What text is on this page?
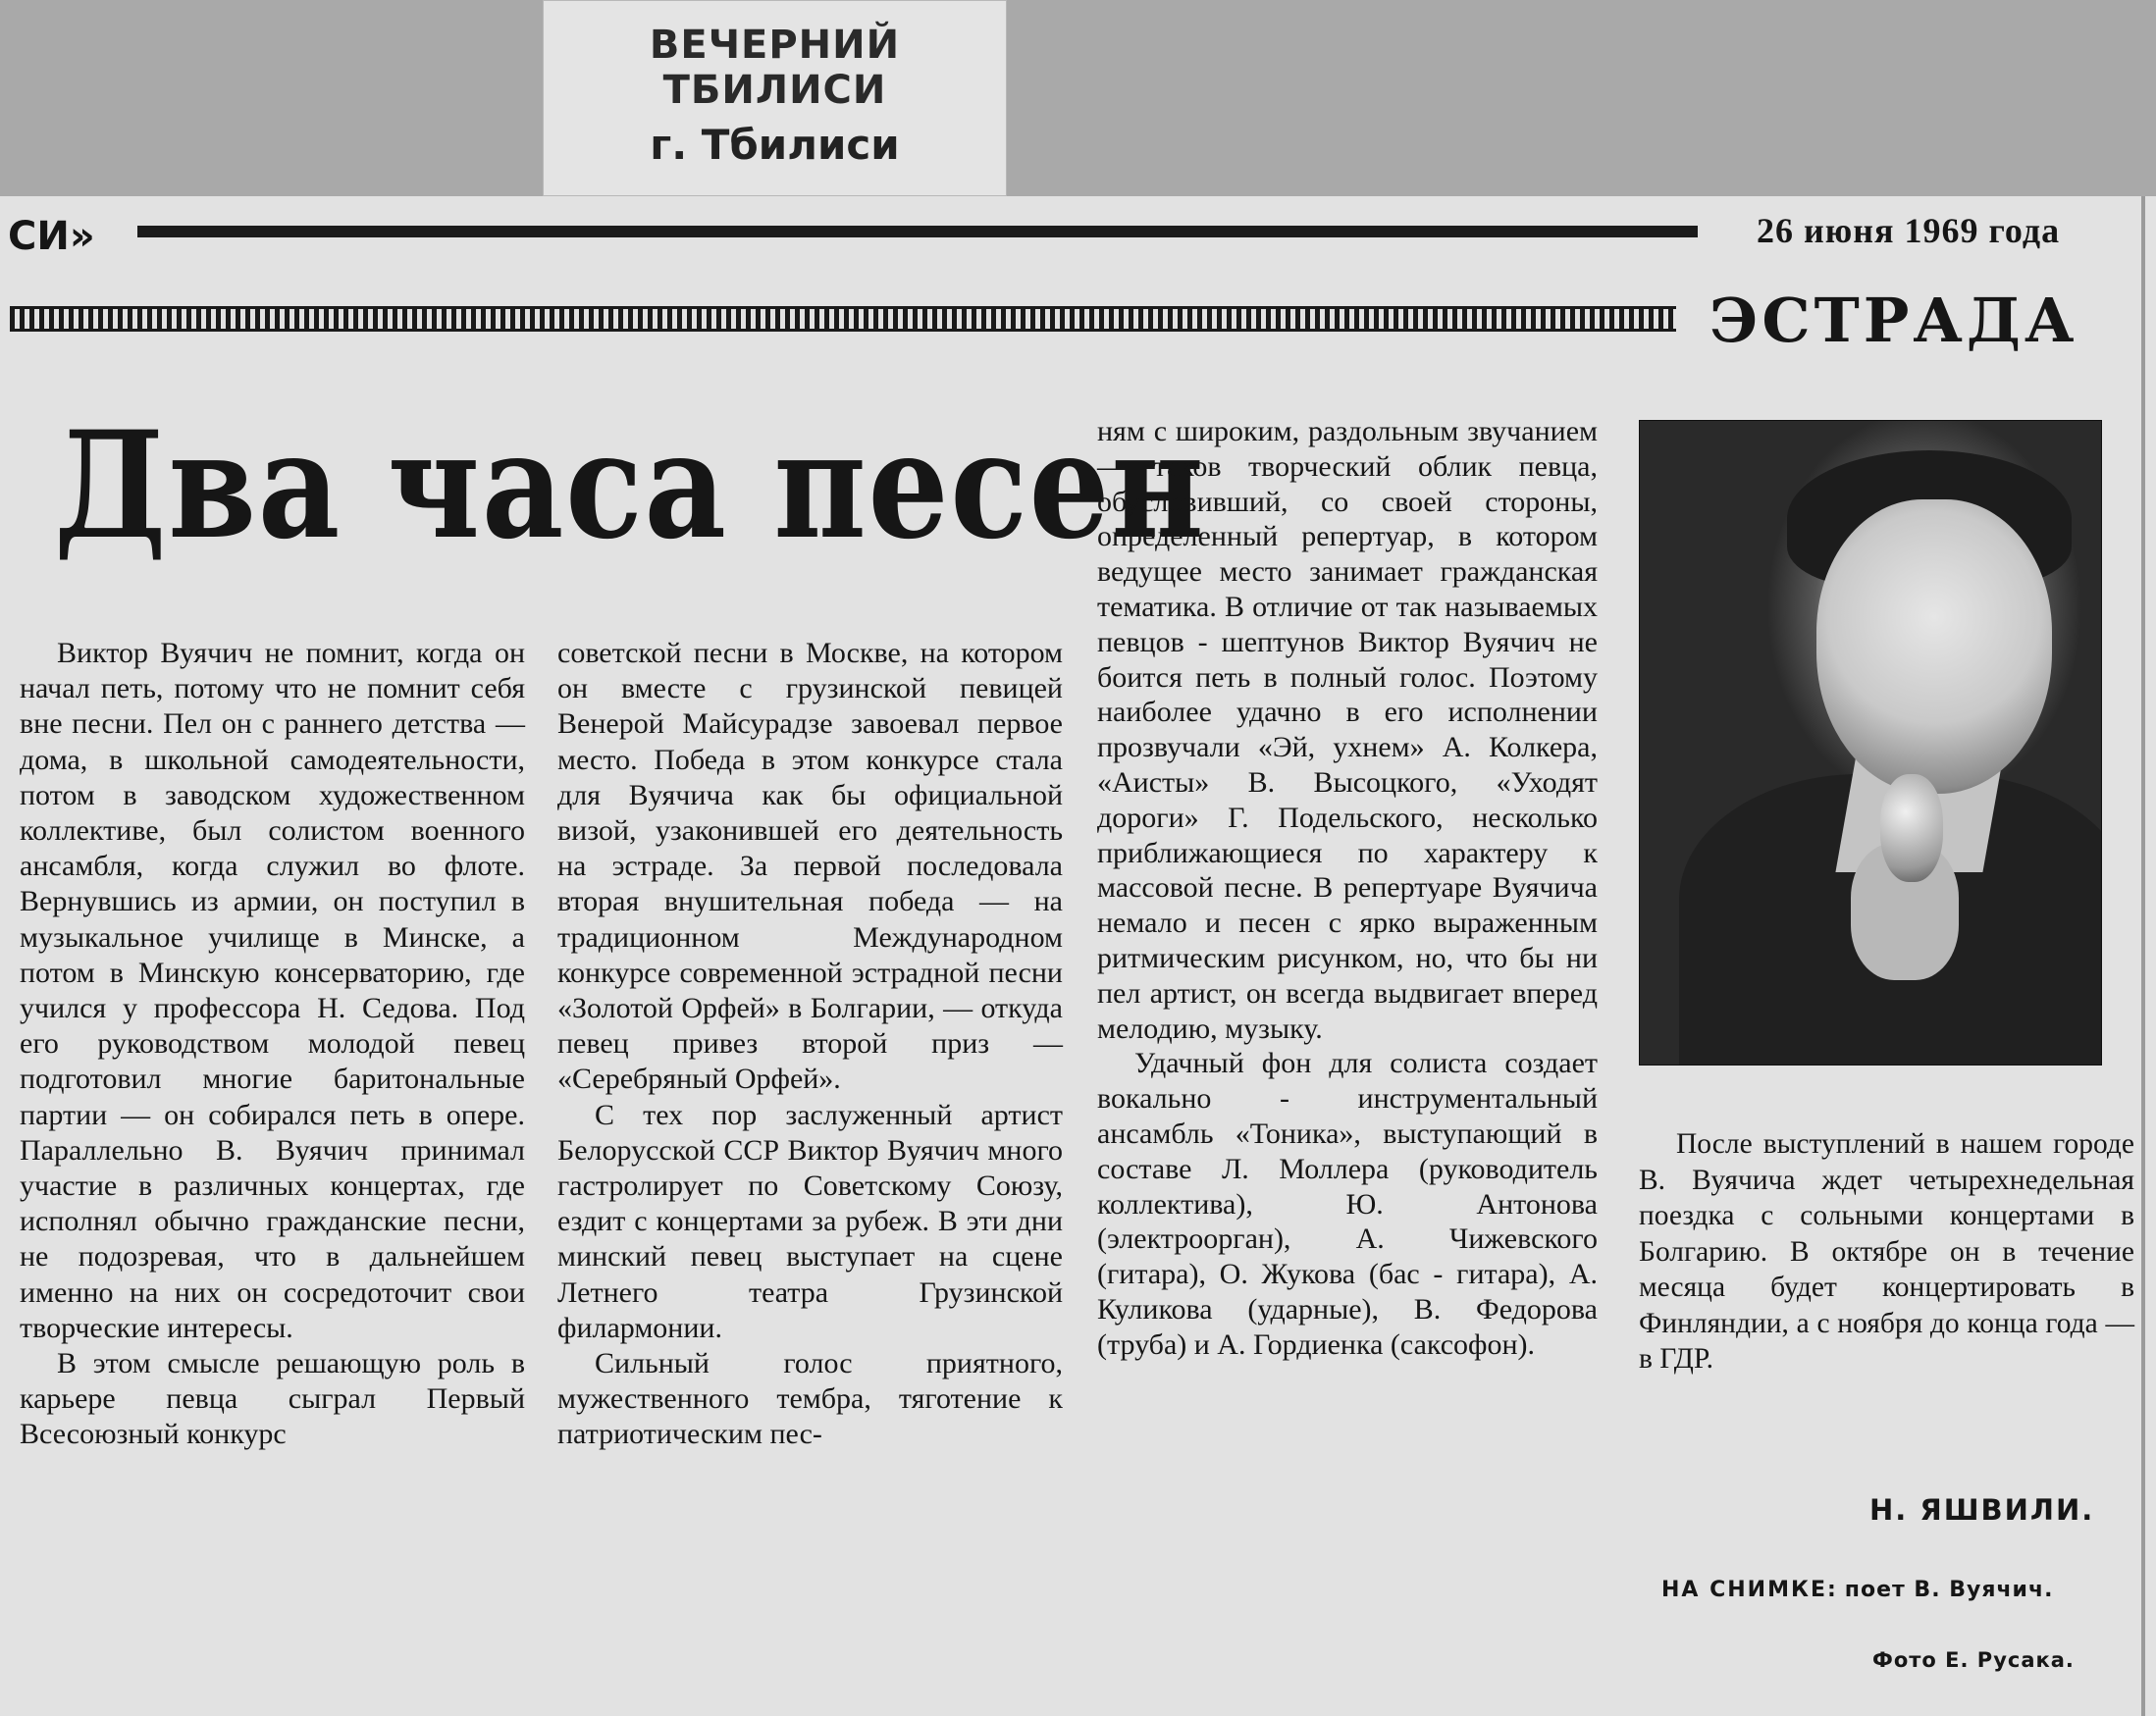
ВЕЧЕРНИЙ ТБИЛИСИ
г. Тбилиси
СИ»	26 июня 1969 года
ЭСТРАДА
Два часа песен

Виктор Вуячич не помнит, когда он начал петь, потому что не помнит себя вне песни. Пел он с раннего детства — дома, в школьной самодеятельности, потом в заводском художественном коллективе, был солистом военного ансамбля, когда служил во флоте. Вернувшись из армии, он поступил в музыкальное училище в Минске, а потом в Минскую консерваторию, где учился у профессора Н. Седова. Под его руководством молодой певец подготовил многие баритональные партии — он собирался петь в опере. Параллельно В. Вуячич принимал участие в различных концертах, где исполнял обычно гражданские песни, не подозревая, что в дальнейшем именно на них он сосредоточит свои творческие интересы.

В этом смысле решающую роль в карьере певца сыграл Первый Всесоюзный конкурс

советской песни в Москве, на котором он вместе с грузинской певицей Венерой Майсурадзе завоевал первое место. Победа в этом конкурсе стала для Вуячича как бы официальной визой, узаконившей его деятельность на эстраде. За первой последовала вторая внушительная победа — на традиционном Международном конкурсе современной эстрадной песни «Золотой Орфей» в Болгарии, — откуда певец привез второй приз — «Серебряный Орфей».

С тех пор заслуженный артист Белорусской ССР Виктор Вуячич много гастролирует по Советскому Союзу, ездит с концертами за рубеж. В эти дни минский певец выступает на сцене Летнего театра Грузинской филармонии.

Сильный голос приятного, мужественного тембра, тяготение к патриотическим пес-

ням с широким, раздольным звучанием — таков творческий облик певца, обусловивший, со своей стороны, определенный репертуар, в котором ведущее место занимает гражданская тематика. В отличие от так называемых певцов - шептунов Виктор Вуячич не боится петь в полный голос. Поэтому наиболее удачно в его исполнении прозвучали «Эй, ухнем» А. Колкера, «Аисты» В. Высоцкого, «Уходят дороги» Г. Подельского, несколько приближающиеся по характеру к массовой песне. В репертуаре Вуячича немало и песен с ярко выраженным ритмическим рисунком, но, что бы ни пел артист, он всегда выдвигает вперед мелодию, музыку.

Удачный фон для солиста создает вокально - инструментальный ансамбль «Тоника», выступающий в составе Л. Моллера (руководитель коллектива), Ю. Антонова (электроорган), А. Чижевского (гитара), О. Жукова (бас - гитара), А. Куликова (ударные), В. Федорова (труба) и А. Гордиенка (саксофон).

После выступлений в нашем городе В. Вуячича ждет четырехнедельная поездка с сольными концертами в Болгарию. В октябре он в течение месяца будет концертировать в Финляндии, а с ноября до конца года — в ГДР.

Н. ЯШВИЛИ.
НА СНИМКЕ: поет В. Вуячич.
Фото Е. Русака.
